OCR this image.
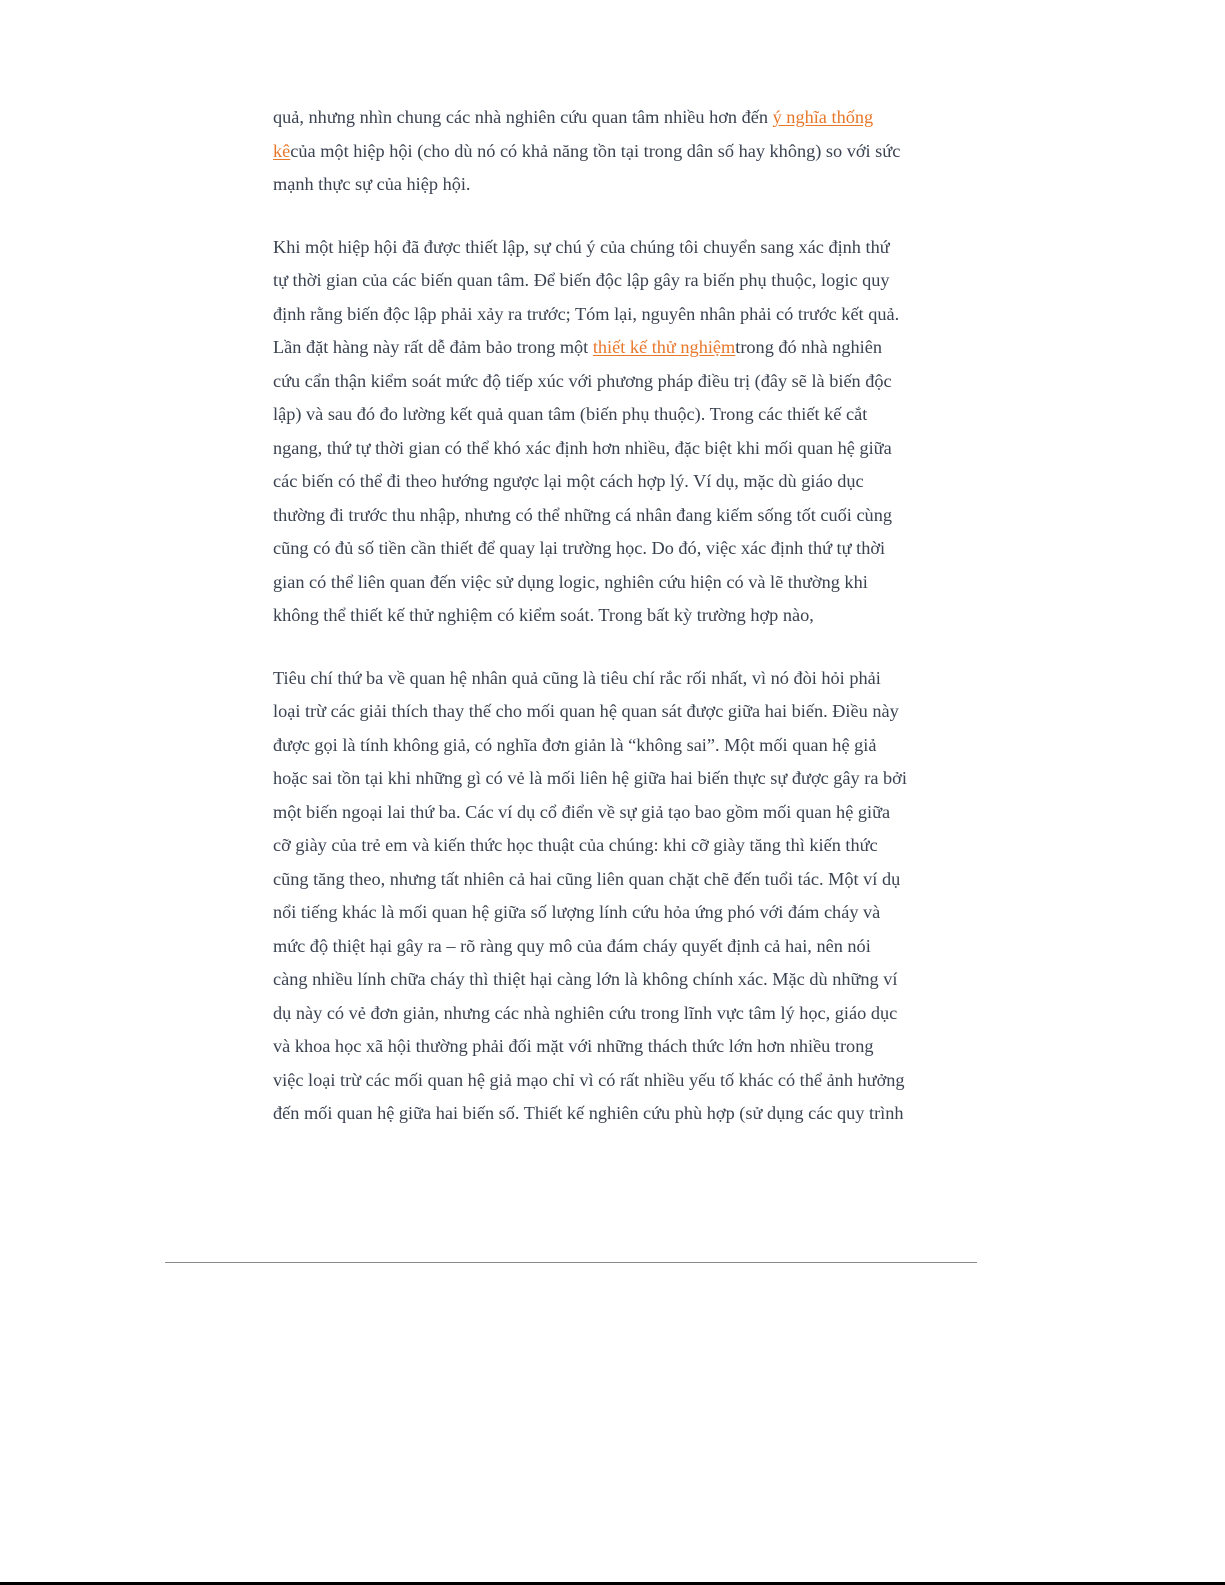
quả, nhưng nhìn chung các nhà nghiên cứu quan tâm nhiều hơn đến ý nghĩa thống
kêcủa một hiệp hội (cho dù nó có khả năng tồn tại trong dân số hay không) so với sức
mạnh thực sự của hiệp hội.
Khi một hiệp hội đã được thiết lập, sự chú ý của chúng tôi chuyển sang xác định thứ
tự thời gian của các biến quan tâm. Để biến độc lập gây ra biến phụ thuộc, logic quy
định rằng biến độc lập phải xảy ra trước; Tóm lại, nguyên nhân phải có trước kết quả.
Lần đặt hàng này rất dễ đảm bảo trong một thiết kế thử nghiệmtrong đó nhà nghiên
cứu cẩn thận kiểm soát mức độ tiếp xúc với phương pháp điều trị (đây sẽ là biến độc
lập) và sau đó đo lường kết quả quan tâm (biến phụ thuộc). Trong các thiết kế cắt
ngang, thứ tự thời gian có thể khó xác định hơn nhiều, đặc biệt khi mối quan hệ giữa
các biến có thể đi theo hướng ngược lại một cách hợp lý. Ví dụ, mặc dù giáo dục
thường đi trước thu nhập, nhưng có thể những cá nhân đang kiếm sống tốt cuối cùng
cũng có đủ số tiền cần thiết để quay lại trường học. Do đó, việc xác định thứ tự thời
gian có thể liên quan đến việc sử dụng logic, nghiên cứu hiện có và lẽ thường khi
không thể thiết kế thử nghiệm có kiểm soát. Trong bất kỳ trường hợp nào,
Tiêu chí thứ ba về quan hệ nhân quả cũng là tiêu chí rắc rối nhất, vì nó đòi hỏi phải
loại trừ các giải thích thay thế cho mối quan hệ quan sát được giữa hai biến. Điều này
được gọi là tính không giả, có nghĩa đơn giản là “không sai”. Một mối quan hệ giả
hoặc sai tồn tại khi những gì có vẻ là mối liên hệ giữa hai biến thực sự được gây ra bởi
một biến ngoại lai thứ ba. Các ví dụ cổ điển về sự giả tạo bao gồm mối quan hệ giữa
cỡ giày của trẻ em và kiến thức học thuật của chúng: khi cỡ giày tăng thì kiến thức
cũng tăng theo, nhưng tất nhiên cả hai cũng liên quan chặt chẽ đến tuổi tác. Một ví dụ
nổi tiếng khác là mối quan hệ giữa số lượng lính cứu hỏa ứng phó với đám cháy và
mức độ thiệt hại gây ra – rõ ràng quy mô của đám cháy quyết định cả hai, nên nói
càng nhiều lính chữa cháy thì thiệt hại càng lớn là không chính xác. Mặc dù những ví
dụ này có vẻ đơn giản, nhưng các nhà nghiên cứu trong lĩnh vực tâm lý học, giáo dục
và khoa học xã hội thường phải đối mặt với những thách thức lớn hơn nhiều trong
việc loại trừ các mối quan hệ giả mạo chỉ vì có rất nhiều yếu tố khác có thể ảnh hưởng
đến mối quan hệ giữa hai biến số. Thiết kế nghiên cứu phù hợp (sử dụng các quy trình
